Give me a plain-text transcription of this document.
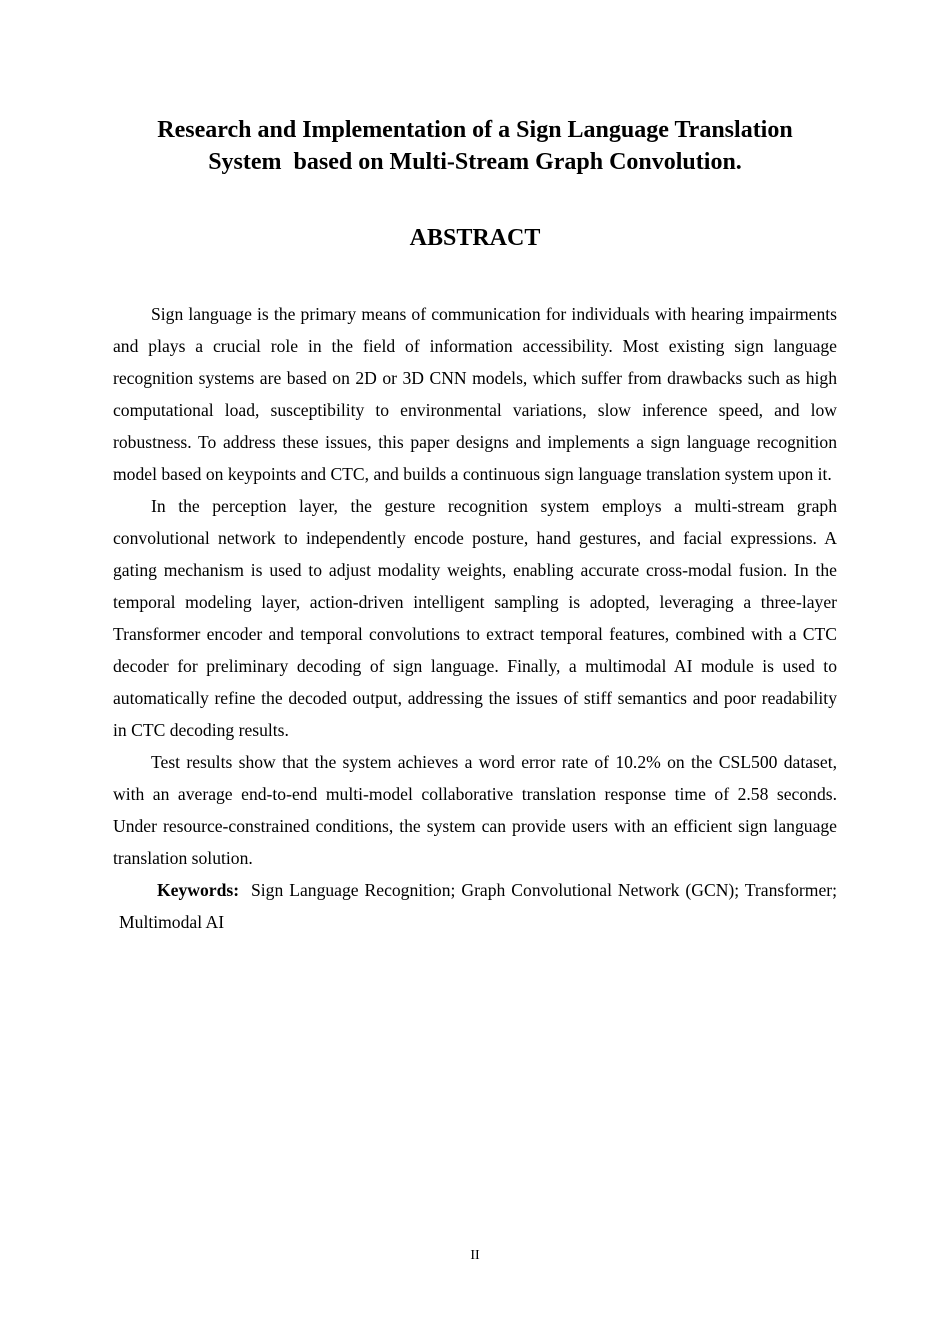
Research and Implementation of a Sign Language Translation
System  based on Multi-Stream Graph Convolution.
ABSTRACT

Sign language is the primary means of communication for individuals with hearing impairments and plays a crucial role in the field of information accessibility. Most existing sign language recognition systems are based on 2D or 3D CNN models, which suffer from drawbacks such as high computational load, susceptibility to environmental variations, slow inference speed, and low robustness. To address these issues, this paper designs and implements a sign language recognition model based on keypoints and CTC, and builds a continuous sign language translation system upon it.

In the perception layer, the gesture recognition system employs a multi-stream graph convolutional network to independently encode posture, hand gestures, and facial expressions. A gating mechanism is used to adjust modality weights, enabling accurate cross-modal fusion. In the temporal modeling layer, action-driven intelligent sampling is adopted, leveraging a three-layer Transformer encoder and temporal convolutions to extract temporal features, combined with a CTC decoder for preliminary decoding of sign language. Finally, a multimodal AI module is used to automatically refine the decoded output, addressing the issues of stiff semantics and poor readability in CTC decoding results.

Test results show that the system achieves a word error rate of 10.2% on the CSL500 dataset, with an average end-to-end multi-model collaborative translation response time of 2.58 seconds. Under resource-constrained conditions, the system can provide users with an efficient sign language translation solution.

Keywords: Sign Language Recognition; Graph Convolutional Network (GCN); Transformer; Multimodal AI

II
